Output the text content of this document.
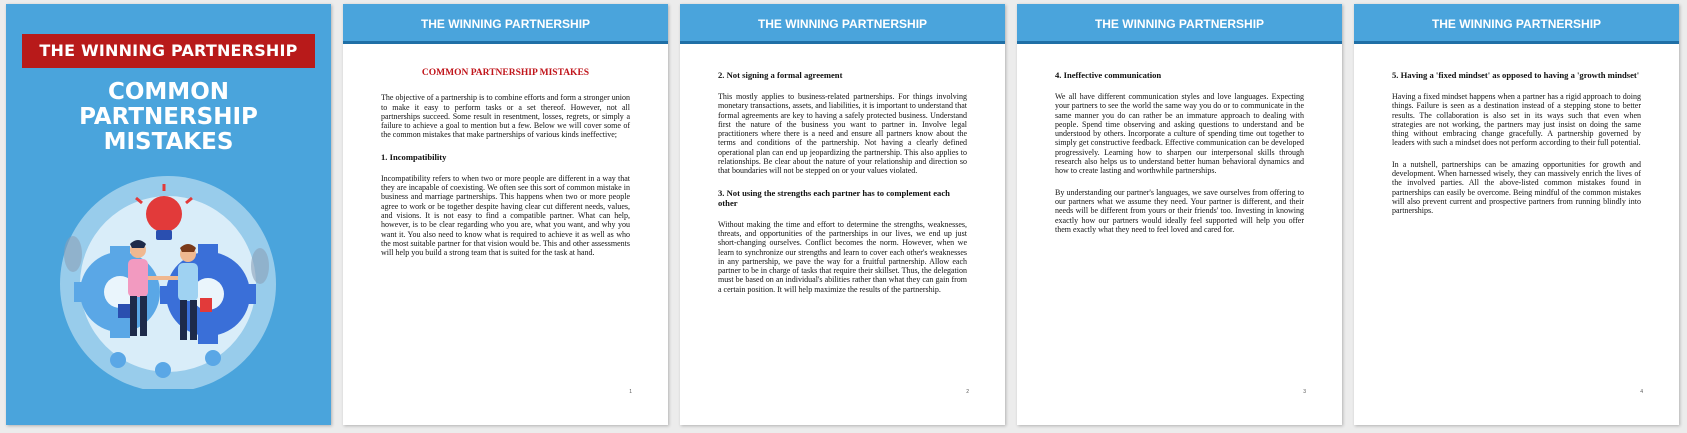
THE WINNING PARTNERSHIP
COMMON
PARTNERSHIP
MISTAKES
THE WINNING PARTNERSHIP
COMMON PARTNERSHIP MISTAKES

The objective of a partnership is to combine efforts and form a stronger union to make it easy to perform tasks or a set thereof. However, not all partnerships succeed. Some result in resentment, losses, regrets, or simply a failure to achieve a goal to mention but a few. Below we will cover some of the common mistakes that make partnerships of various kinds ineffective;

1. Incompatibility

Incompatibility refers to when two or more people are different in a way that they are incapable of coexisting. We often see this sort of common mistake in business and marriage partnerships. This happens when two or more people agree to work or be together despite having clear cut different needs, values, and visions. It is not easy to find a compatible partner. What can help, however, is to be clear regarding who you are, what you want, and why you want it. You also need to know what is required to achieve it as well as who the most suitable partner for that vision would be. This and other assessments will help you build a strong team that is suited for the task at hand.

1
THE WINNING PARTNERSHIP
2. Not signing a formal agreement

This mostly applies to business-related partnerships. For things involving monetary transactions, assets, and liabilities, it is important to understand that formal agreements are key to having a safely protected business. Understand first the nature of the business you want to partner in. Involve legal practitioners where there is a need and ensure all partners know about the terms and conditions of the partnership. Not having a clearly defined operational plan can end up jeopardizing the partnership. This also applies to relationships. Be clear about the nature of your relationship and direction so that boundaries will not be stepped on or your values violated.

3. Not using the strengths each partner has to complement each other

Without making the time and effort to determine the strengths, weaknesses, threats, and opportunities of the partnerships in our lives, we end up just short-changing ourselves. Conflict becomes the norm. However, when we learn to synchronize our strengths and learn to cover each other's weaknesses in any partnership, we pave the way for a fruitful partnership. Allow each partner to be in charge of tasks that require their skillset. Thus, the delegation must be based on an individual's abilities rather than what they can gain from a certain position. It will help maximize the results of the partnership.

2
THE WINNING PARTNERSHIP
4. Ineffective communication

We all have different communication styles and love languages. Expecting your partners to see the world the same way you do or to communicate in the same manner you do can rather be an immature approach to dealing with people. Spend time observing and asking questions to understand and be understood by others. Incorporate a culture of spending time out together to simply get constructive feedback. Effective communication can be developed progressively. Learning how to sharpen our interpersonal skills through research also helps us to understand better human behavioral dynamics and how to create lasting and worthwhile partnerships.

By understanding our partner's languages, we save ourselves from offering to our partners what we assume they need. Your partner is different, and their needs will be different from yours or their friends' too. Investing in knowing exactly how our partners would ideally feel supported will help you offer them exactly what they need to feel loved and cared for.

3
THE WINNING PARTNERSHIP
5. Having a 'fixed mindset' as opposed to having a 'growth mindset'

Having a fixed mindset happens when a partner has a rigid approach to doing things. Failure is seen as a destination instead of a stepping stone to better results. The collaboration is also set in its ways such that even when strategies are not working, the partners may just insist on doing the same thing without embracing change gracefully. A partnership governed by leaders with such a mindset does not perform according to their full potential.

In a nutshell, partnerships can be amazing opportunities for growth and development. When harnessed wisely, they can massively enrich the lives of the involved parties. All the above-listed common mistakes found in partnerships can easily be overcome. Being mindful of the common mistakes will also prevent current and prospective partners from running blindly into partnerships.

4
